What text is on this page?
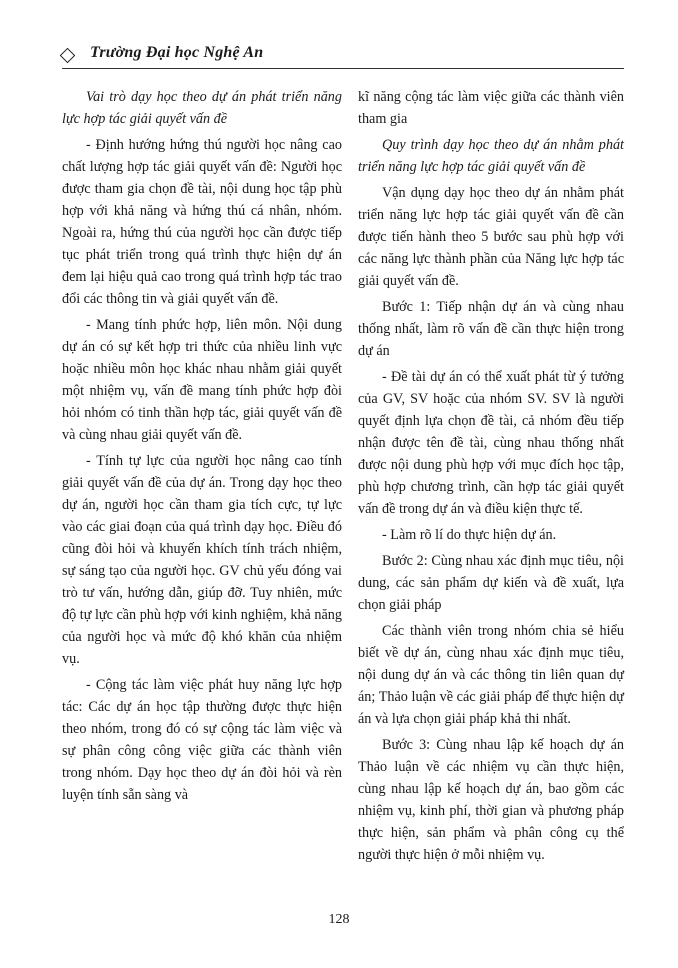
Trường Đại học Nghệ An

Vai trò dạy học theo dự án phát triển năng lực hợp tác giải quyết vấn đề

- Định hướng hứng thú người học nâng cao chất lượng hợp tác giải quyết vấn đề: Người học được tham gia chọn đề tài, nội dung học tập phù hợp với khả năng và hứng thú cá nhân, nhóm. Ngoài ra, hứng thú của người học cần được tiếp tục phát triển trong quá trình thực hiện dự án đem lại hiệu quả cao trong quá trình hợp tác trao đổi các thông tin và giải quyết vấn đề.

- Mang tính phức hợp, liên môn. Nội dung dự án có sự kết hợp tri thức của nhiều linh vực hoặc nhiều môn học khác nhau nhằm giải quyết một nhiệm vụ, vấn đề mang tính phức hợp đòi hỏi nhóm có tinh thần hợp tác, giải quyết vấn đề và cùng nhau giải quyết vấn đề.

- Tính tự lực của người học nâng cao tính giải quyết vấn đề của dự án. Trong dạy học theo dự án, người học cần tham gia tích cực, tự lực vào các giai đoạn của quá trình dạy học. Điều đó cũng đòi hỏi và khuyến khích tính trách nhiệm, sự sáng tạo của người học. GV chủ yếu đóng vai trò tư vấn, hướng dẫn, giúp đỡ. Tuy nhiên, mức độ tự lực cần phù hợp với kinh nghiệm, khả năng của người học và mức độ khó khăn của nhiệm vụ.

- Cộng tác làm việc phát huy năng lực hợp tác: Các dự án học tập thường được thực hiện theo nhóm, trong đó có sự cộng tác làm việc và sự phân công công việc giữa các thành viên trong nhóm. Dạy học theo dự án đòi hỏi và rèn luyện tính sẵn sàng và

kĩ năng cộng tác làm việc giữa các thành viên tham gia

Quy trình dạy học theo dự án nhằm phát triển năng lực hợp tác giải quyết vấn đề

Vận dụng dạy học theo dự án nhằm phát triển năng lực hợp tác giải quyết vấn đề cần được tiến hành theo 5 bước sau phù hợp với các năng lực thành phần của Năng lực hợp tác giải quyết vấn đề.

Bước 1: Tiếp nhận dự án và cùng nhau thống nhất, làm rõ vấn đề cần thực hiện trong dự án

- Đề tài dự án có thể xuất phát từ ý tưởng của GV, SV hoặc của nhóm SV. SV là người quyết định lựa chọn đề tài, cả nhóm đều tiếp nhận được tên đề tài, cùng nhau thống nhất được nội dung phù hợp với mục đích học tập, phù hợp chương trình, cần hợp tác giải quyết vấn đề trong dự án và điều kiện thực tế.

- Làm rõ lí do thực hiện dự án.

Bước 2: Cùng nhau xác định mục tiêu, nội dung, các sản phẩm dự kiến và đề xuất, lựa chọn giải pháp

Các thành viên trong nhóm chia sẻ hiểu biết về dự án, cùng nhau xác định mục tiêu, nội dung dự án và các thông tin liên quan dự án; Thảo luận về các giải pháp để thực hiện dự án và lựa chọn giải pháp khả thi nhất.

Bước 3: Cùng nhau lập kế hoạch dự án Thảo luận về các nhiệm vụ cần thực hiện, cùng nhau lập kế hoạch dự án, bao gồm các nhiệm vụ, kinh phí, thời gian và phương pháp thực hiện, sản phẩm và phân công cụ thể người thực hiện ở mỗi nhiệm vụ.

128
